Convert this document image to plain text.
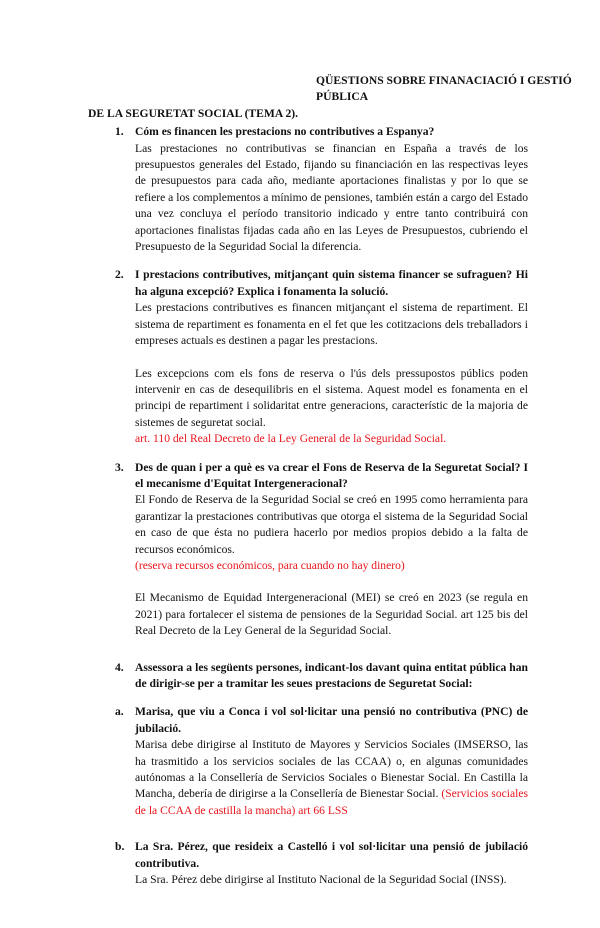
QÜESTIONS SOBRE FINANACIACIÓ I GESTIÓ PÚBLICA
DE LA SEGURETAT SOCIAL (TEMA 2).
1. Cóm es financen les prestacions no contributives a Espanya?
Las prestaciones no contributivas se financian en España a través de los presupuestos generales del Estado, fijando su financiación en las respectivas leyes de presupuestos para cada año, mediante aportaciones finalistas y por lo que se refiere a los complementos a mínimo de pensiones, también están a cargo del Estado una vez concluya el período transitorio indicado y entre tanto contribuirá con aportaciones finalistas fijadas cada año en las Leyes de Presupuestos, cubriendo el Presupuesto de la Seguridad Social la diferencia.
2. I prestacions contributives, mitjançant quin sistema financer se sufraguen? Hi ha alguna excepció? Explica i fonamenta la solució.
Les prestacions contributives es financen mitjançant el sistema de repartiment. El sistema de repartiment es fonamenta en el fet que les cotitzacions dels treballadors i empreses actuals es destinen a pagar les prestacions.
Les excepcions com els fons de reserva o l'ús dels pressupostos públics poden intervenir en cas de desequilibris en el sistema. Aquest model es fonamenta en el principi de repartiment i solidaritat entre generacions, característic de la majoria de sistemes de seguretat social.
art. 110 del Real Decreto de la Ley General de la Seguridad Social.
3. Des de quan i per a què es va crear el Fons de Reserva de la Seguretat Social? I el mecanisme d'Equitat Intergeneracional?
El Fondo de Reserva de la Seguridad Social se creó en 1995 como herramienta para garantizar la prestaciones contributivas que otorga el sistema de la Seguridad Social en caso de que ésta no pudiera hacerlo por medios propios debido a la falta de recursos económicos.
(reserva recursos económicos, para cuando no hay dinero)
El Mecanismo de Equidad Intergeneracional (MEI) se creó en 2023 (se regula en 2021) para fortalecer el sistema de pensiones de la Seguridad Social. art 125 bis del Real Decreto de la Ley General de la Seguridad Social.
4. Assessora a les següents persones, indicant-los davant quina entitat pública han de dirigir-se per a tramitar les seues prestacions de Seguretat Social:
a. Marisa, que viu a Conca i vol sol·licitar una pensió no contributiva (PNC) de jubilació.
Marisa debe dirigirse al Instituto de Mayores y Servicios Sociales (IMSERSO, las ha trasmitido a los servicios sociales de las CCAA) o, en algunas comunidades autónomas a la Consellería de Servicios Sociales o Bienestar Social. En Castilla la Mancha, debería de dirigirse a la Consellería de Bienestar Social. (Servicios sociales de la CCAA de castilla la mancha) art 66 LSS
b. La Sra. Pérez, que resideix a Castelló i vol sol·licitar una pensió de jubilació contributiva.
La Sra. Pérez debe dirigirse al Instituto Nacional de la Seguridad Social (INSS).
